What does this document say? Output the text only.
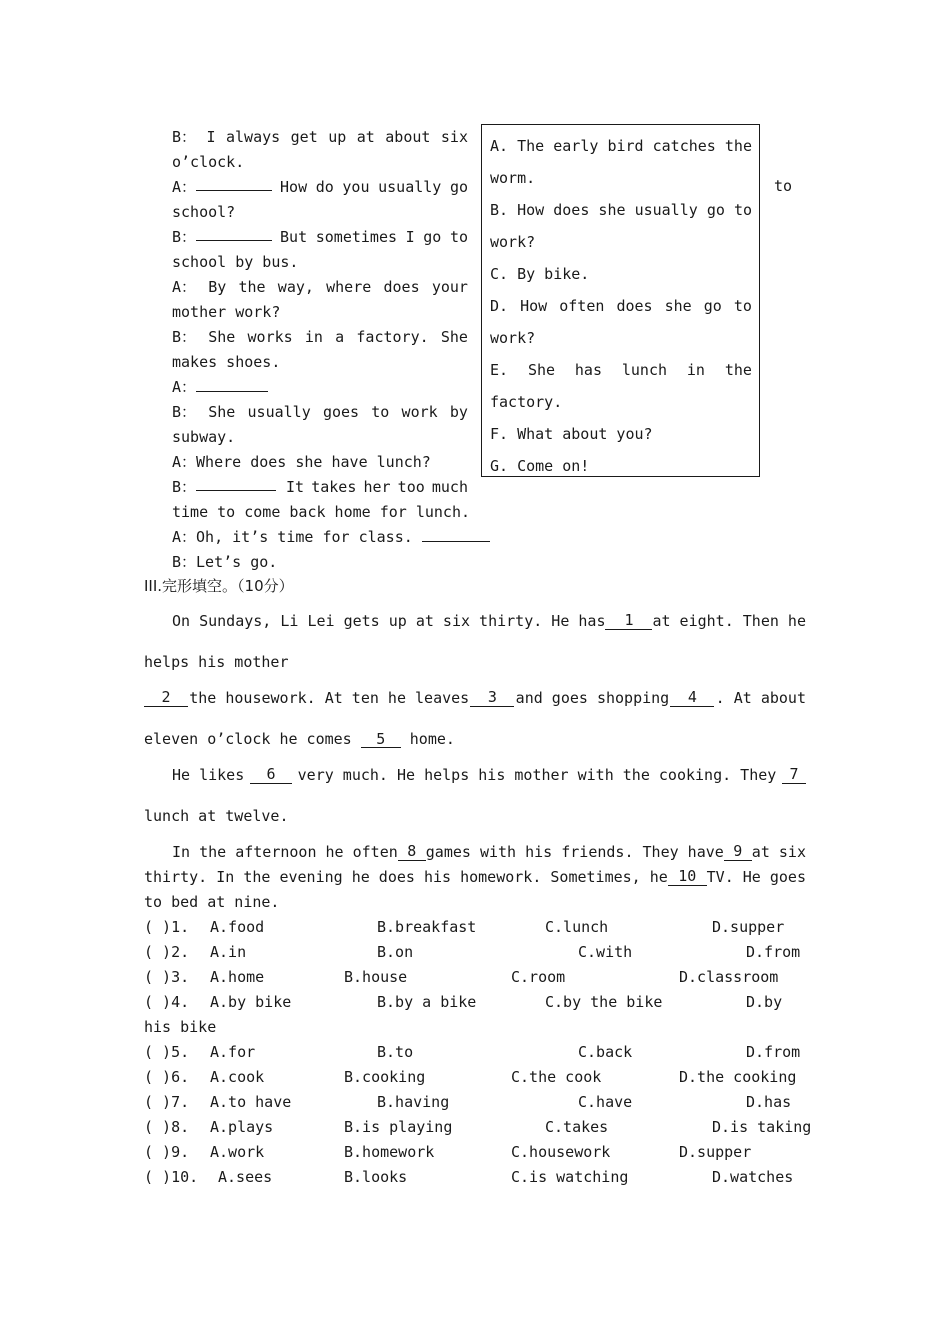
B： I always get up at about six
o’clock.
A：	How do you usually go
school?
B：	But sometimes I go to
school by bus.
A： By the way, where does your
mother work?
B： She works in a factory. She
makes shoes.
A：
B： She usually goes to work by
subway.
A：Where does she have lunch?
B：	It takes her too much
time to come back home for lunch.
A：Oh, it’s time for class.
B：Let’s go.
to
A. The early bird catches the
worm.
B. How does she usually go to
work?
C. By bike.
D. How often does she go to
work?
E. She has lunch in the
factory.
F. What about you?
G. Come on!
III.完形填空。（10分）
On Sundays, Li Lei gets up at six thirty. He has	1	at eight. Then he
helps his mother
2	the housework. At ten he leaves	3	and goes shopping	4	. At about
eleven o’clock he comes 5 home.
He likes	6	very much. He helps his mother with the cooking. They 7
lunch at twelve.
In the afternoon he often 8 games with his friends. They have 9 at six
thirty. In the evening he does his homework. Sometimes, he 10 TV. He goes
to bed at nine.
( )1. A.food	B.breakfast	C.lunch	D.supper
( )2. A.in	B.on	C.with	D.from
( )3. A.home	B.house	C.room	D.classroom
( )4. A.by bike	B.by a bike	C.by the bike	D.by
his bike
( )5. A.for	B.to	C.back	D.from
( )6. A.cook	B.cooking	C.the cook	D.the cooking
( )7. A.to have	B.having	C.have	D.has
( )8. A.plays	B.is playing	C.takes	D.is taking
( )9. A.work	B.homework	C.housework	D.supper
( )10. A.sees	B.looks	C.is watching	D.watches
